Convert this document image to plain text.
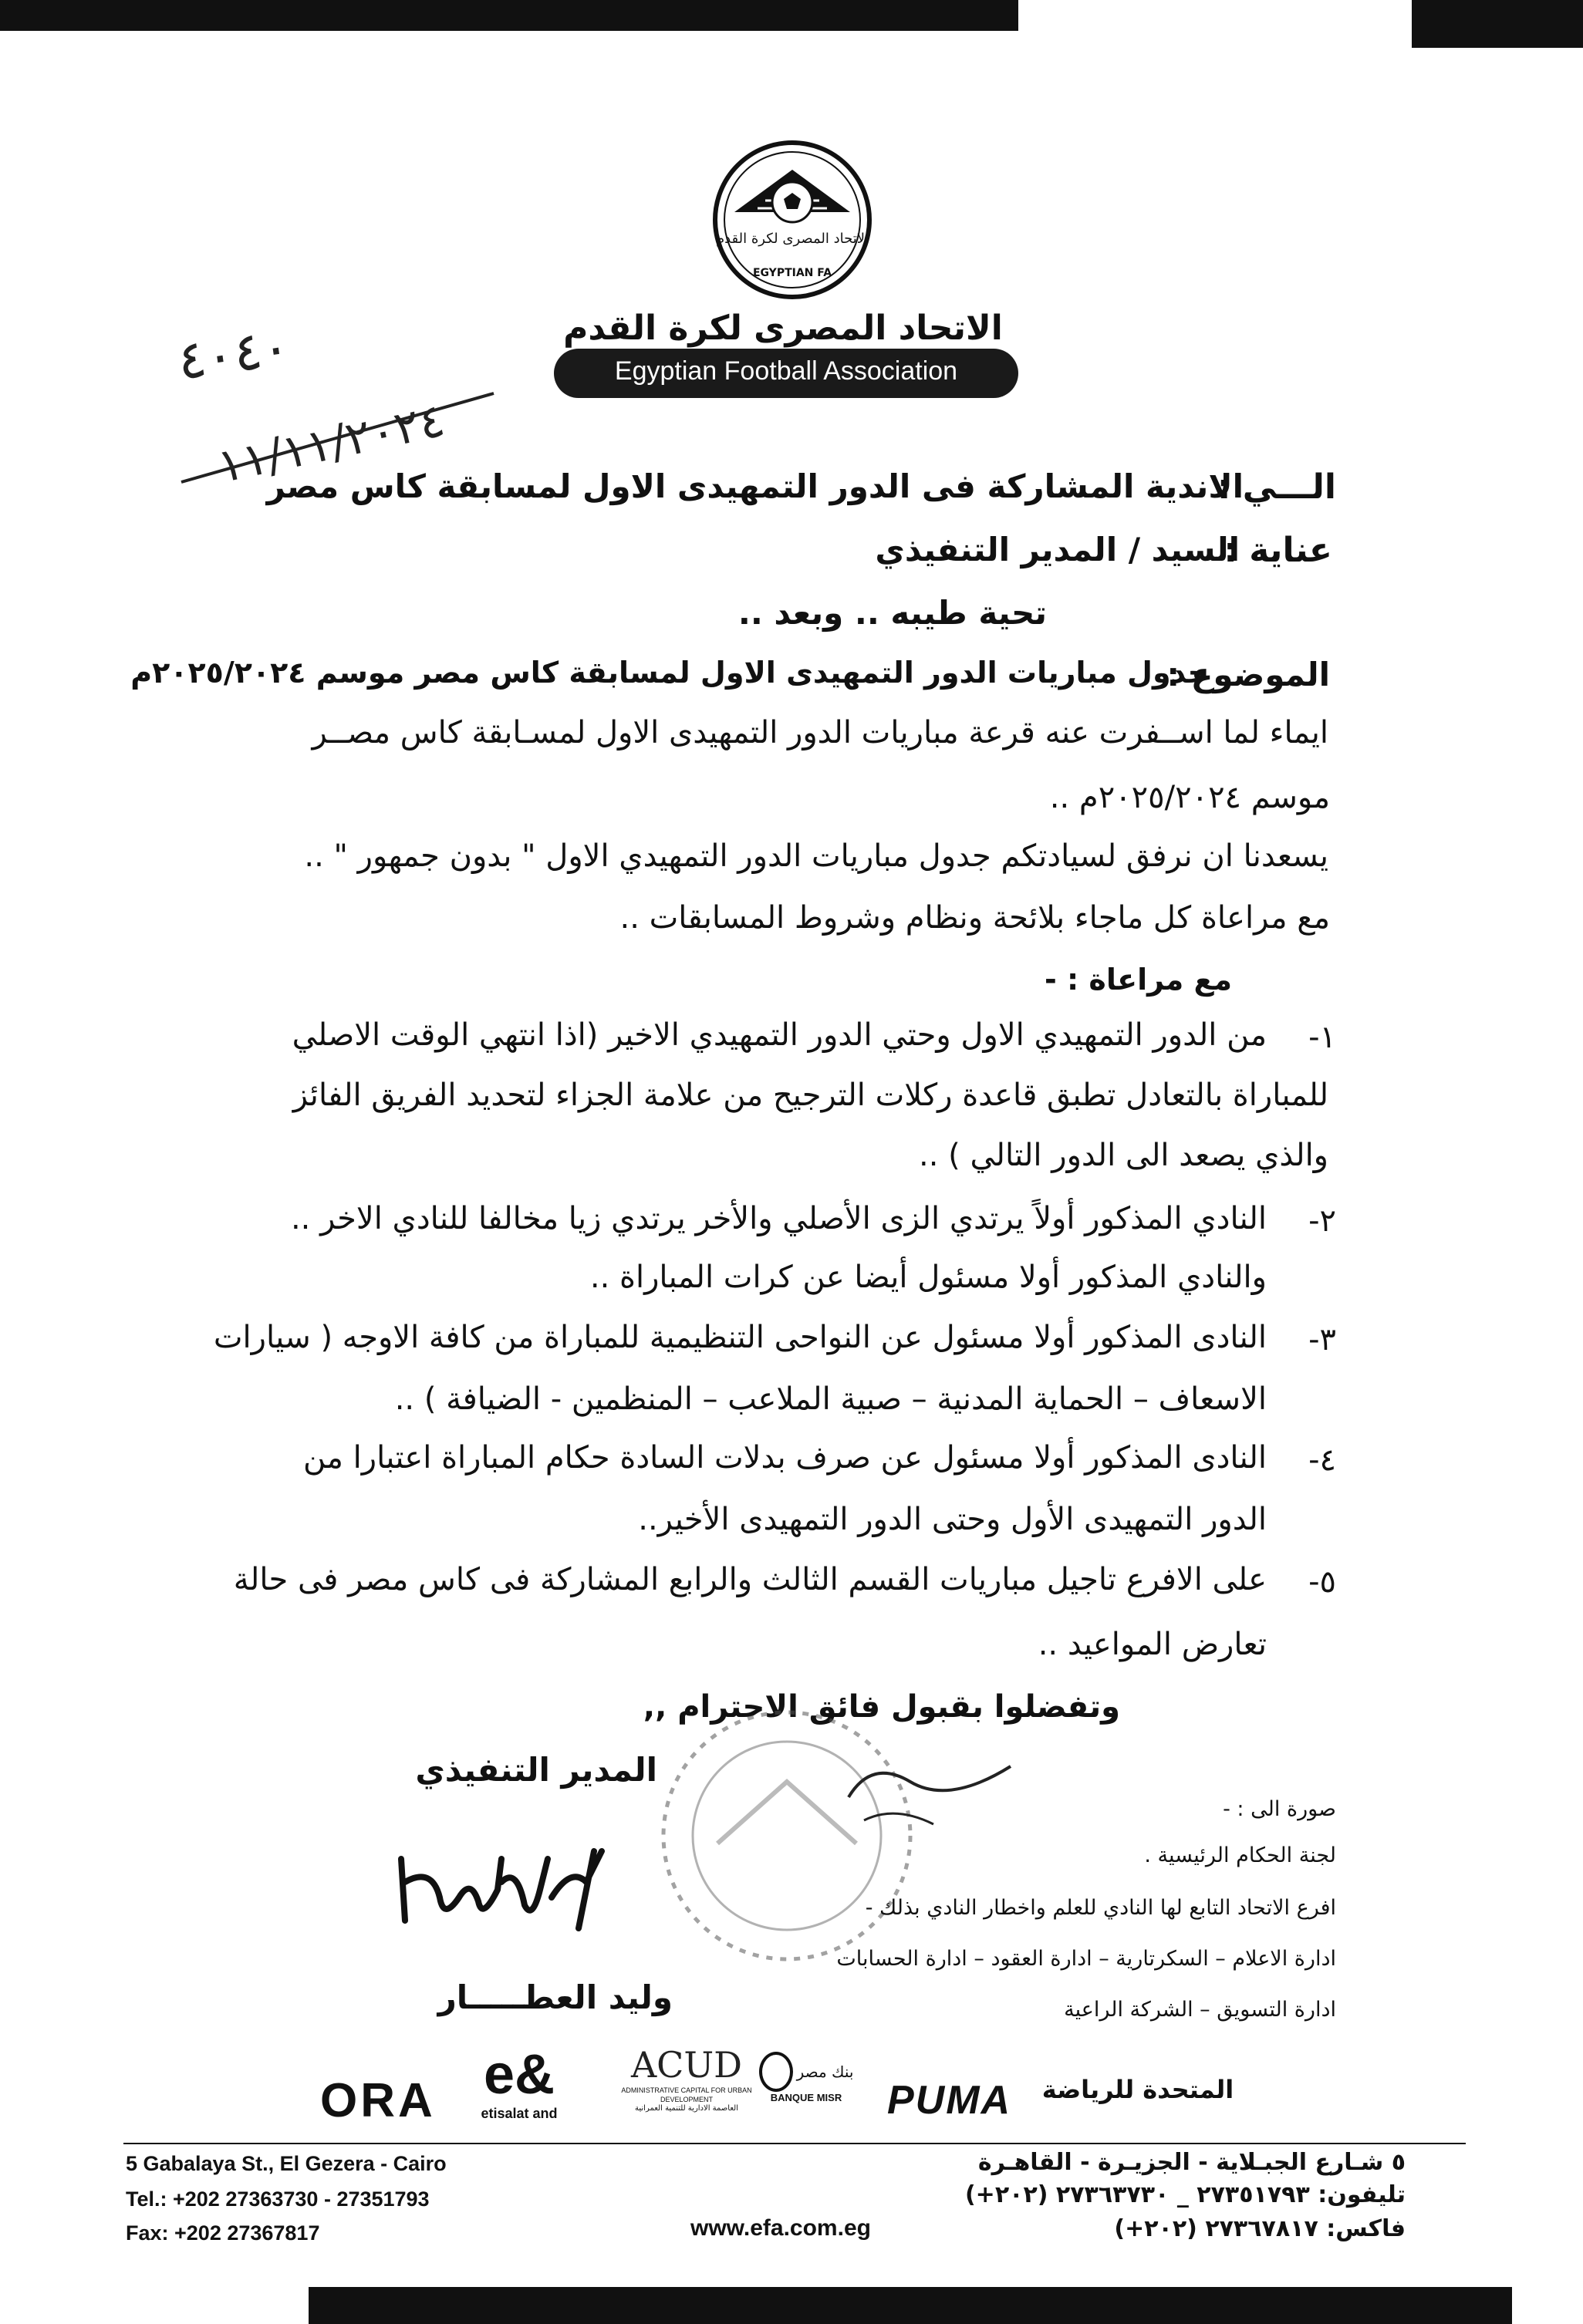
الاتحاد المصرى لكرة القدم
EGYPTIAN FA
الاتحاد المصرى لكرة القدم
Egyptian Football Association
٤٠٤٠
١١/١١/٢٠٢٤	الـــي :
الاندية المشاركة فى الدور التمهيدى الاول لمسابقة كاس مصر
عناية :
السيد / المدير التنفيذي
تحية طيبه .. وبعد ..
الموضوع :
جدول مباريات الدور التمهيدى الاول لمسابقة كاس مصر موسم ٢٠٢٥/٢٠٢٤م
ايماء لما اســفرت عنه قرعة مباريات الدور التمهيدى الاول لمسـابقة كاس مصــر
موسم ٢٠٢٥/٢٠٢٤م ..
يسعدنا ان نرفق لسيادتكم جدول مباريات الدور التمهيدي الاول " بدون جمهور " ..
مع مراعاة كل ماجاء بلائحة ونظام وشروط المسابقات ..
مع مراعاة : -
١-
من الدور التمهيدي الاول وحتي الدور التمهيدي الاخير (اذا انتهي الوقت الاصلي
للمباراة بالتعادل تطبق قاعدة ركلات الترجيح من علامة الجزاء لتحديد الفريق الفائز
والذي يصعد الى الدور التالي ) ..
٢-
النادي المذكور أولاً يرتدي الزى الأصلي والأخر يرتدي زيا مخالفا للنادي الاخر ..
والنادي المذكور أولا مسئول أيضا عن كرات المباراة ..
٣-
النادى المذكور أولا مسئول عن النواحى التنظيمية للمباراة من كافة الاوجه ( سيارات
الاسعاف – الحماية المدنية – صبية الملاعب – المنظمين - الضيافة ) ..
٤-
النادى المذكور أولا مسئول عن صرف بدلات السادة حكام المباراة اعتبارا من
الدور التمهيدى الأول وحتى الدور التمهيدى الأخير..
٥-
على الافرع تاجيل مباريات القسم الثالث والرابع المشاركة فى كاس مصر فى حالة
تعارض المواعيد ..
وتفضلوا بقبول فائق الاحترام ,,
المدير التنفيذي
وليد العطـــــار
صورة الى : -
لجنة الحكام الرئيسية .
افرع الاتحاد التابع لها النادي للعلم واخطار النادي بذلك -
ادارة الاعلام – السكرتارية – ادارة العقود – ادارة الحسابات
ادارة التسويق – الشركة الراعية
ORA e&
etisalat and
ACUD
ADMINISTRATIVE CAPITAL FOR URBAN DEVELOPMENT
العاصمة الادارية للتنمية العمرانية
بنك مصر
BANQUE MISR	PUMA	المتحدة للرياضة
5 Gabalaya St., El Gezera - Cairo
Tel.: +202 27363730 - 27351793
Fax: +202 27367817	www.efa.com.eg
٥ شـارع الجبـلاية - الجزيـرة - القاهـرة
تليفون: ٢٧٣٥١٧٩٣ _ ٢٧٣٦٣٧٣٠ (٢٠٢+)
فاكس: ٢٧٣٦٧٨١٧ (٢٠٢+)
